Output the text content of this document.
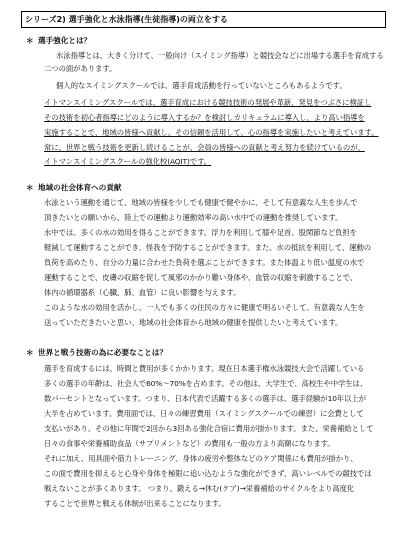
シリーズ2) 選手強化と水泳指導(生徒指導)の両立をする
＊ 選手強化とは？
水泳指導とは、大きく分けて、一般向け（スイミング指導）と競技会などに出場する選手を育成する
二つの面があります。
個人的なスイミングスクールでは、選手育成活動を行っていないところもあるようです。
イトマンスイミングスクールでは、選手育成における競技技術の発展や革新、発見をつぶさに検証し
その技術を初心者指導にどのように導入するか？を検討しカリキュラムに導入し、より高い指導を
実施することで、地域の皆様へ貢献し、その信頼を活用して、心の指導を実施したいと考えています。
常に、世界と戦う技術を更新し続けることが、会員の皆様への貢献と考え努力を続けているのが、
イトマンスイミングスクールの強化校(AQIT)です。
＊ 地域の社会体育への貢献
水泳という運動を通じて、地域の皆様を少しでも健康で健やかに、そして有意義な人生を歩んで
頂きたいとの願いから、陸上での運動より運動効率の高い水中での運動を推奨しています。
水中では、多くの水の効用を得ることができます。浮力を利用して膝や足首、股関節など負担を
軽減して運動することができ、怪我を予防することができます。また、水の抵抗を利用して、運動の
負荷を高めたり、自分の力量に合わせた負荷を選ぶことができます。また体温より低い温度の水で
運動することで、皮膚の収縮を促して風邪のかかり難い身体や、血管の収縮を刺激することで、
体内の循環器系（心臓、肺、血管）に良い影響を与えます。
このような水の効用を活かし、一人でも多くの住民の方々に健康で明るいそして、有意義な人生を
送っていただきたいと思い、地域の社会体育から地域の健康を提供したいと考えています。
＊ 世界と戦う技術の為に必要なことは？
選手を育成するには、時間と費用が多くかかります。現在日本選手権水泳競技大会で活躍している
多くの選手の年齢は、社会人で60%～70%を占めます。その他は、大学生で、高校生や中学生は、
数パーセントとなっています。つまり、日本代表で活躍する多くの選手は、選手経験が10年以上が
大半を占めています。費用面では、日々の練習費用（スイミングスクールでの練習）に会費として
支払いがあり、その他に年間で2回から3回ある強化合宿に費用が掛かります。また、栄養補給として
日々の食事や栄養補助食品（サプリメントなど）の費用も一般の方より高額になります。
それに加え、用具面や筋力トレーニング、身体の疲労や整体などのケア関係にも費用が掛かり、
この面で費用を抑えると心身や身体を極限に追い込むような強化ができず、高いレベルでの競技では
戦えないことが多くあります。 つまり、鍛える→休む(ケア)→栄養補給のサイクルをより高度化
することで世界と戦える体制が出来ることになります。
